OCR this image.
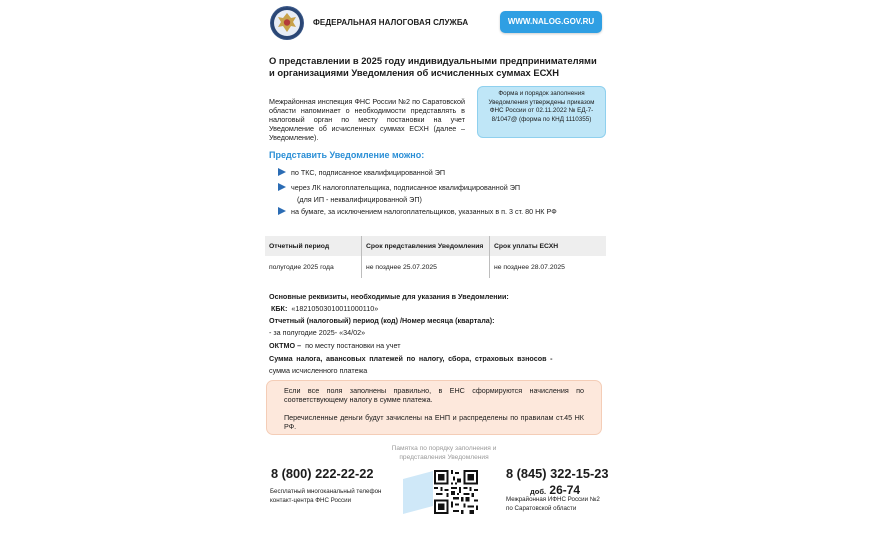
ФЕДЕРАЛЬНАЯ НАЛОГОВАЯ СЛУЖБА	WWW.NALOG.GOV.RU
О представлении в 2025 году индивидуальными предпринимателями
и организациями Уведомления об исчисленных суммах ЕСХН
Межрайонная инспекция ФНС России №2 по Саратовской области напоминает о необходимости представлять в налоговый орган по месту постановки на учет Уведомление об исчисленных суммах ЕСХН (далее – Уведомление).
Форма и порядок заполнения
Уведомления утверждены приказом
ФНС России от 02.11.2022 № ЕД-7-
8/1047@ (форма по КНД 1110355)
Представить Уведомление можно:
по ТКС, подписанное квалифицированной ЭП
через ЛК налогоплательщика, подписанное квалифицированной ЭП
(для ИП - неквалифицированной ЭП)
на бумаге, за исключением налогоплательщиков, указанных в п. 3 ст. 80 НК РФ
Отчетный период	Срок представления Уведомления	Срок уплаты ЕСХН
полугодие 2025 года	не позднее 25.07.2025	не позднее 28.07.2025
Основные реквизиты, необходимые для указания в Уведомлении:
КБК: «18210503010011000110»
Отчетный (налоговый) период (код) /Номер месяца (квартала):
- за полугодие 2025- «34/02»
ОКТМО – по месту постановки на учет
Сумма налога, авансовых платежей по налогу, сбора, страховых взносов -
сумма исчисленного платежа
Если все поля заполнены правильно, в ЕНС сформируются начисления по соответствующему налогу в сумме платежа.
Перечисленные деньги будут зачислены на ЕНП и распределены по правилам ст.45 НК РФ.
Памятка по порядку заполнения и
представления Уведомления
8 (800) 222-22-22
Бесплатный многоканальный телефон
контакт-центра ФНС России
8 (845) 322-15-23
доб. 26-74
Межрайонная ИФНС России №2
по Саратовской области
